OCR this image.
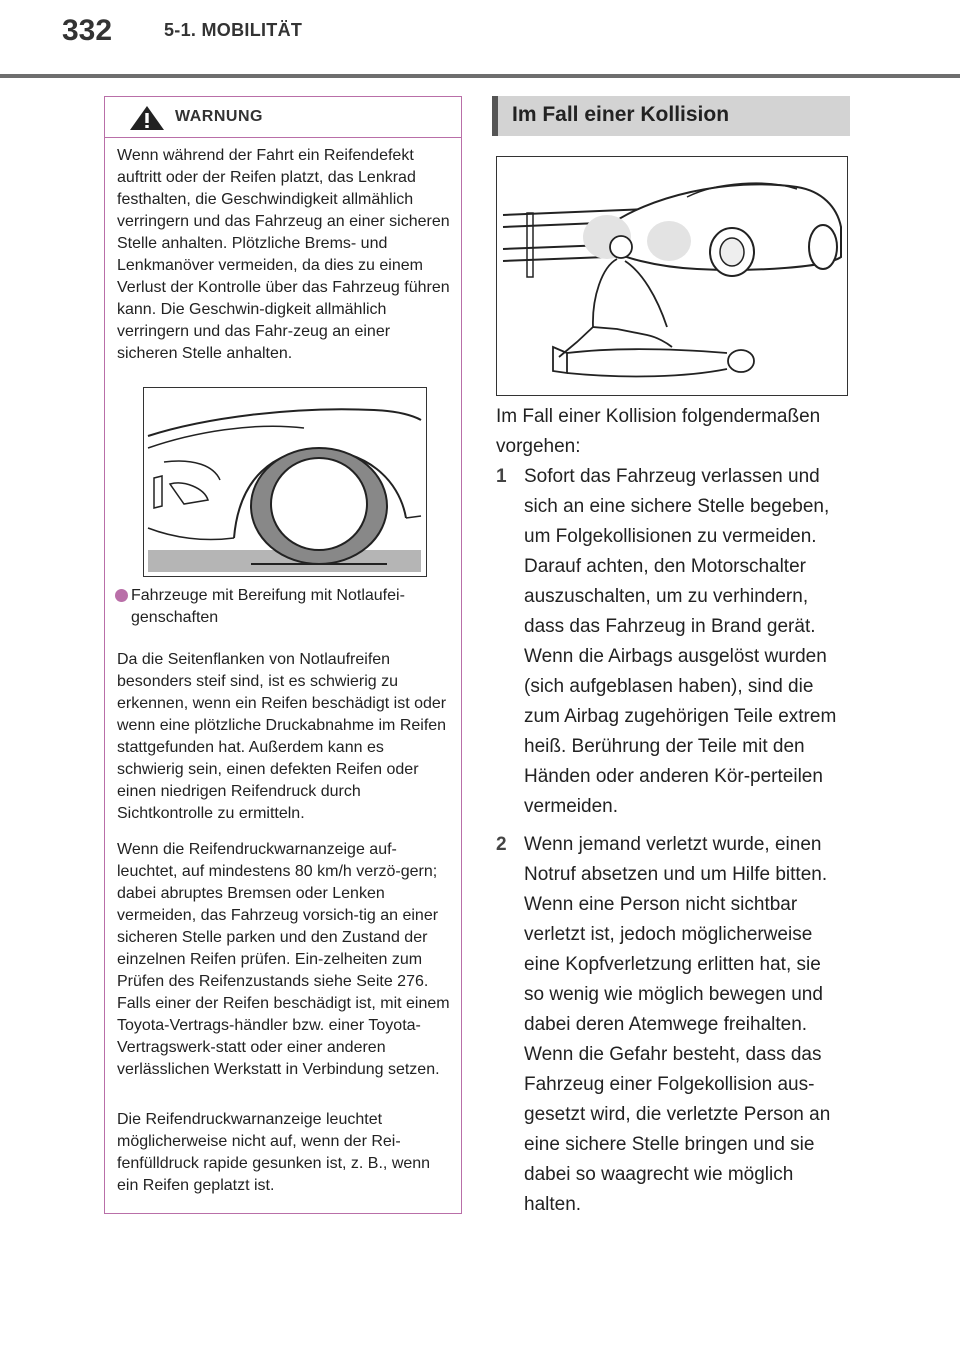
332	5-1. MOBILITÄT
WARNUNG

Wenn während der Fahrt ein Reifendefekt auftritt oder der Reifen platzt, das Lenkrad festhalten, die Geschwindigkeit allmählich verringern und das Fahrzeug an einer sicheren Stelle anhalten. Plötzliche Brems- und Lenkmanöver vermeiden, da dies zu einem Verlust der Kontrolle über das Fahrzeug führen kann. Die Geschwin-digkeit allmählich verringern und das Fahr-zeug an einer sicheren Stelle anhalten.

Fahrzeuge mit Bereifung mit Notlaufei-genschaften

Da die Seitenflanken von Notlaufreifen besonders steif sind, ist es schwierig zu erkennen, wenn ein Reifen beschädigt ist oder wenn eine plötzliche Druckabnahme im Reifen stattgefunden hat. Außerdem kann es schwierig sein, einen defekten Reifen oder einen niedrigen Reifendruck durch Sichtkontrolle zu ermitteln.

Wenn die Reifendruckwarnanzeige auf-leuchtet, auf mindestens 80 km/h verzö-gern; dabei abruptes Bremsen oder Lenken vermeiden, das Fahrzeug vorsich-tig an einer sicheren Stelle parken und den Zustand der einzelnen Reifen prüfen. Ein-zelheiten zum Prüfen des Reifenzustands siehe Seite 276. Falls einer der Reifen beschädigt ist, mit einem Toyota-Vertrags-händler bzw. einer Toyota-Vertragswerk-statt oder einer anderen verlässlichen Werkstatt in Verbindung setzen.

Die Reifendruckwarnanzeige leuchtet möglicherweise nicht auf, wenn der Rei-fenfülldruck rapide gesunken ist, z. B., wenn ein Reifen geplatzt ist.

Im Fall einer Kollision

Im Fall einer Kollision folgendermaßen vorgehen:

1 Sofort das Fahrzeug verlassen und sich an eine sichere Stelle begeben, um Folgekollisionen zu vermeiden. Darauf achten, den Motorschalter auszuschalten, um zu verhindern, dass das Fahrzeug in Brand gerät. Wenn die Airbags ausgelöst wurden (sich aufgeblasen haben), sind die zum Airbag zugehörigen Teile extrem heiß. Berührung der Teile mit den Händen oder anderen Kör-perteilen vermeiden.
2 Wenn jemand verletzt wurde, einen Notruf absetzen und um Hilfe bitten. Wenn eine Person nicht sichtbar verletzt ist, jedoch möglicherweise eine Kopfverletzung erlitten hat, sie so wenig wie möglich bewegen und dabei deren Atemwege freihalten. Wenn die Gefahr besteht, dass das Fahrzeug einer Folgekollision aus-gesetzt wird, die verletzte Person an eine sichere Stelle bringen und sie dabei so waagrecht wie möglich halten.
